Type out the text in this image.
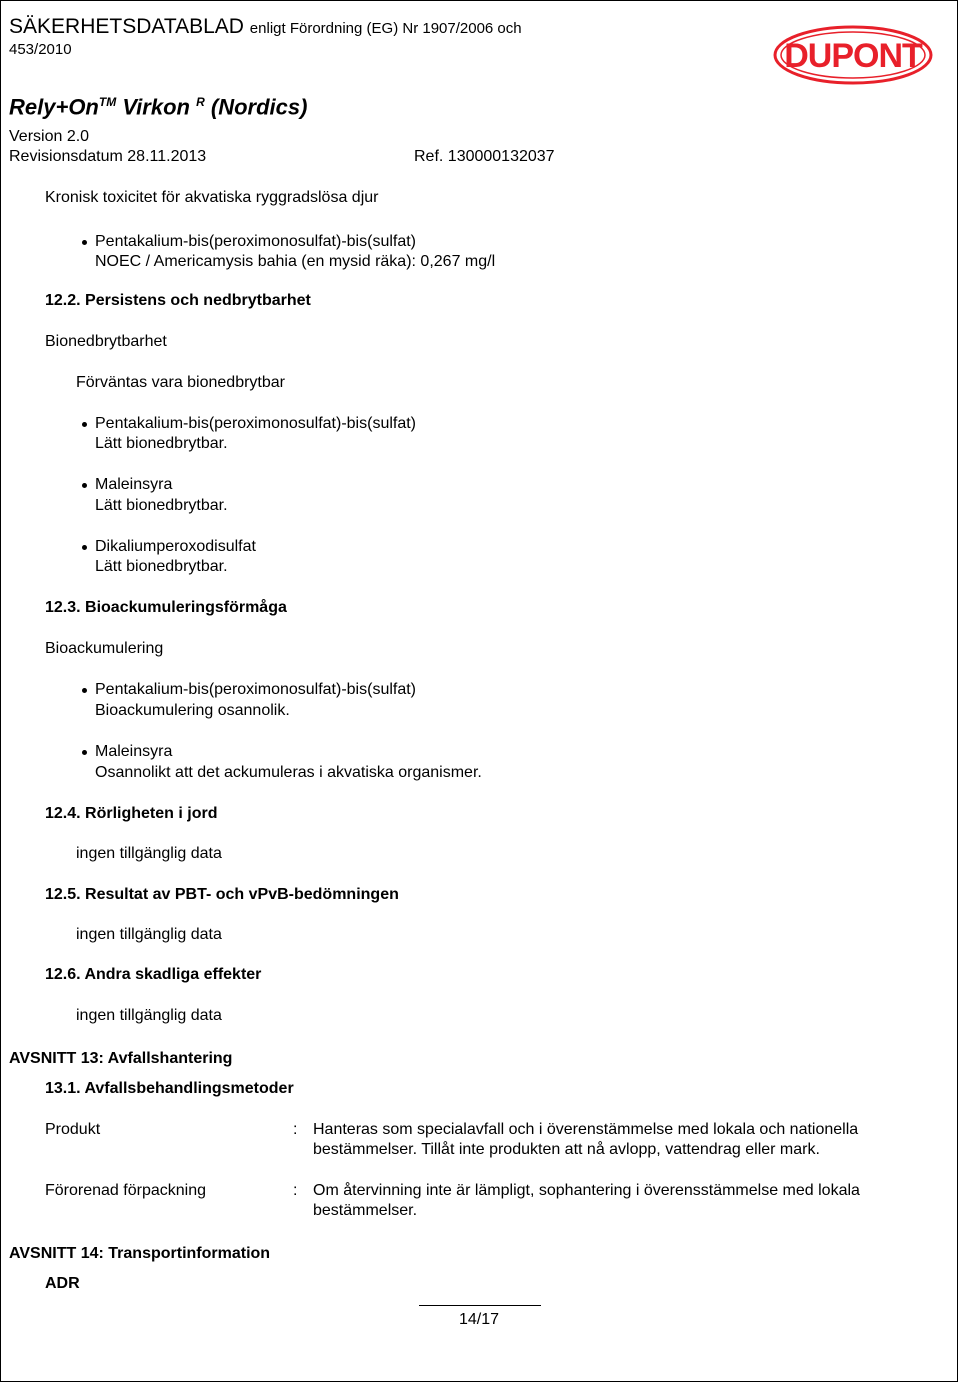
SÄKERHETSDATABLAD enligt Förordning (EG) Nr 1907/2006 och
453/2010
Rely+On™ Virkon $^R$ (Nordics)
Version 2.0
Revisionsdatum 28.11.2013	Ref. 130000132037
DUPONT
Kronisk toxicitet för akvatiska ryggradslösa djur
Pentakalium-bis(peroximonosulfat)-bis(sulfat)
NOEC / Americamysis bahia (en mysid räka): 0,267 mg/l
12.2. Persistens och nedbrytbarhet
Bionedbrytbarhet
Förväntas vara bionedbrytbar
Pentakalium-bis(peroximonosulfat)-bis(sulfat)
Lätt bionedbrytbar.
Maleinsyra
Lätt bionedbrytbar.
Dikaliumperoxodisulfat
Lätt bionedbrytbar.
12.3. Bioackumuleringsförmåga
Bioackumulering
Pentakalium-bis(peroximonosulfat)-bis(sulfat)
Bioackumulering osannolik.
Maleinsyra
Osannolikt att det ackumuleras i akvatiska organismer.
12.4. Rörligheten i jord
ingen tillgänglig data
12.5. Resultat av PBT- och vPvB-bedömningen
ingen tillgänglig data
12.6. Andra skadliga effekter
ingen tillgänglig data
AVSNITT 13: Avfallshantering
13.1. Avfallsbehandlingsmetoder
Produkt	: Hanteras som specialavfall och i överenstämmelse med lokala och nationella
bestämmelser. Tillåt inte produkten att nå avlopp, vattendrag eller mark.
Förorenad förpackning	: Om återvinning inte är lämpligt, sophantering i överensstämmelse med lokala
bestämmelser.
AVSNITT 14: Transportinformation
ADR
14/17
